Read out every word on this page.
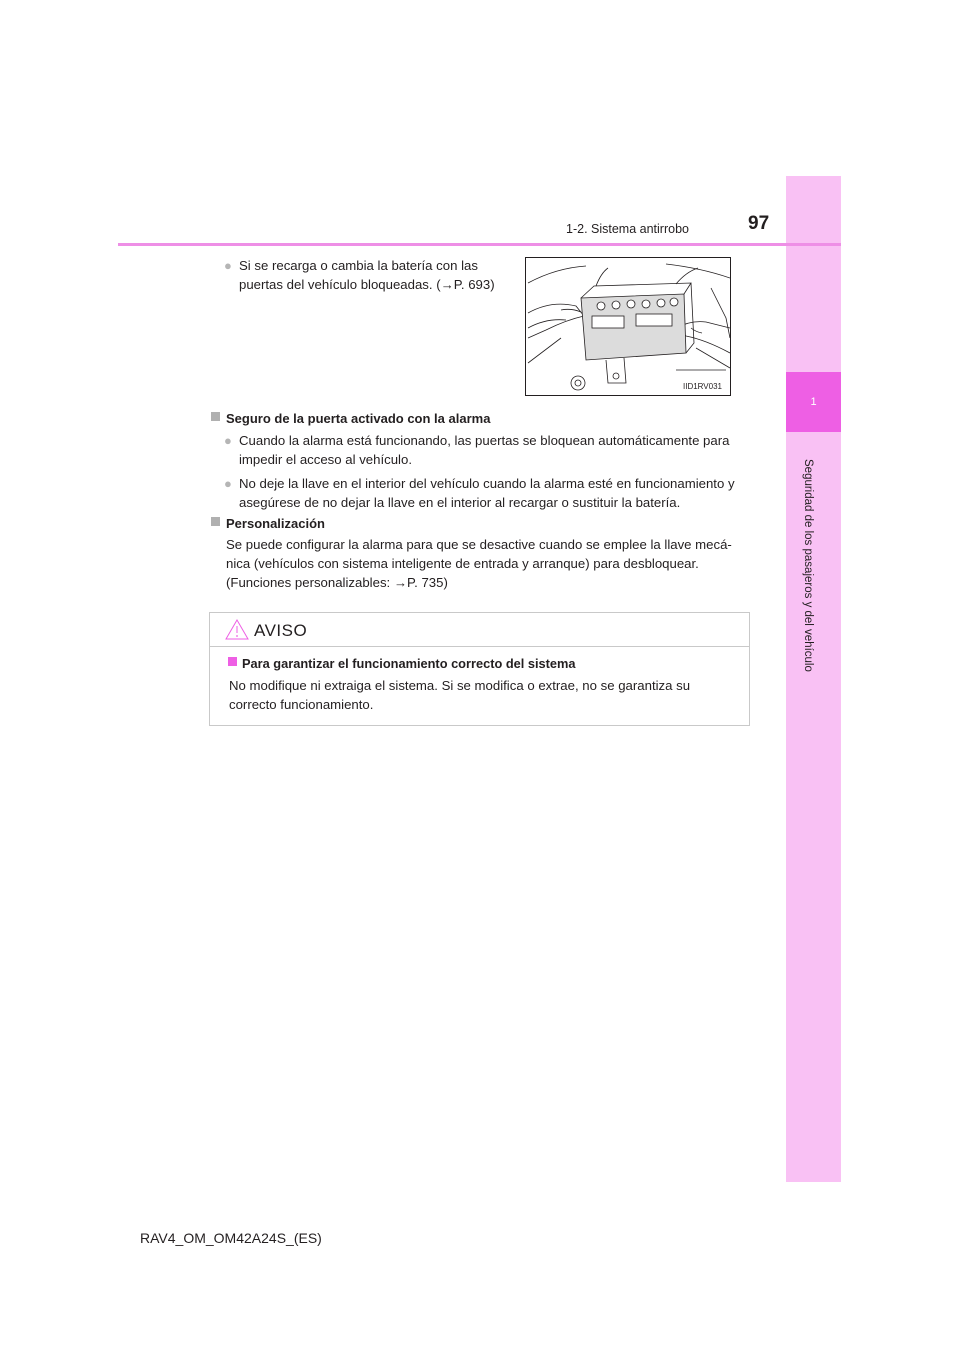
1
Seguridad de los pasajeros y del vehículo
1-2. Sistema antirrobo	97
● Si se recarga o cambia la batería con las
puertas del vehículo bloqueadas. (→P. 693)
IID1RV031
Seguro de la puerta activado con la alarma
● Cuando la alarma está funcionando, las puertas se bloquean automáticamente para
impedir el acceso al vehículo.
● No deje la llave en el interior del vehículo cuando la alarma esté en funcionamiento y
asegúrese de no dejar la llave en el interior al recargar o sustituir la batería.
Personalización
Se puede configurar la alarma para que se desactive cuando se emplee la llave mecá-
nica (vehículos con sistema inteligente de entrada y arranque) para desbloquear.
(Funciones personalizables: →P. 735)
AVISO
Para garantizar el funcionamiento correcto del sistema
No modifique ni extraiga el sistema. Si se modifica o extrae, no se garantiza su
correcto funcionamiento.
RAV4_OM_OM42A24S_(ES)
